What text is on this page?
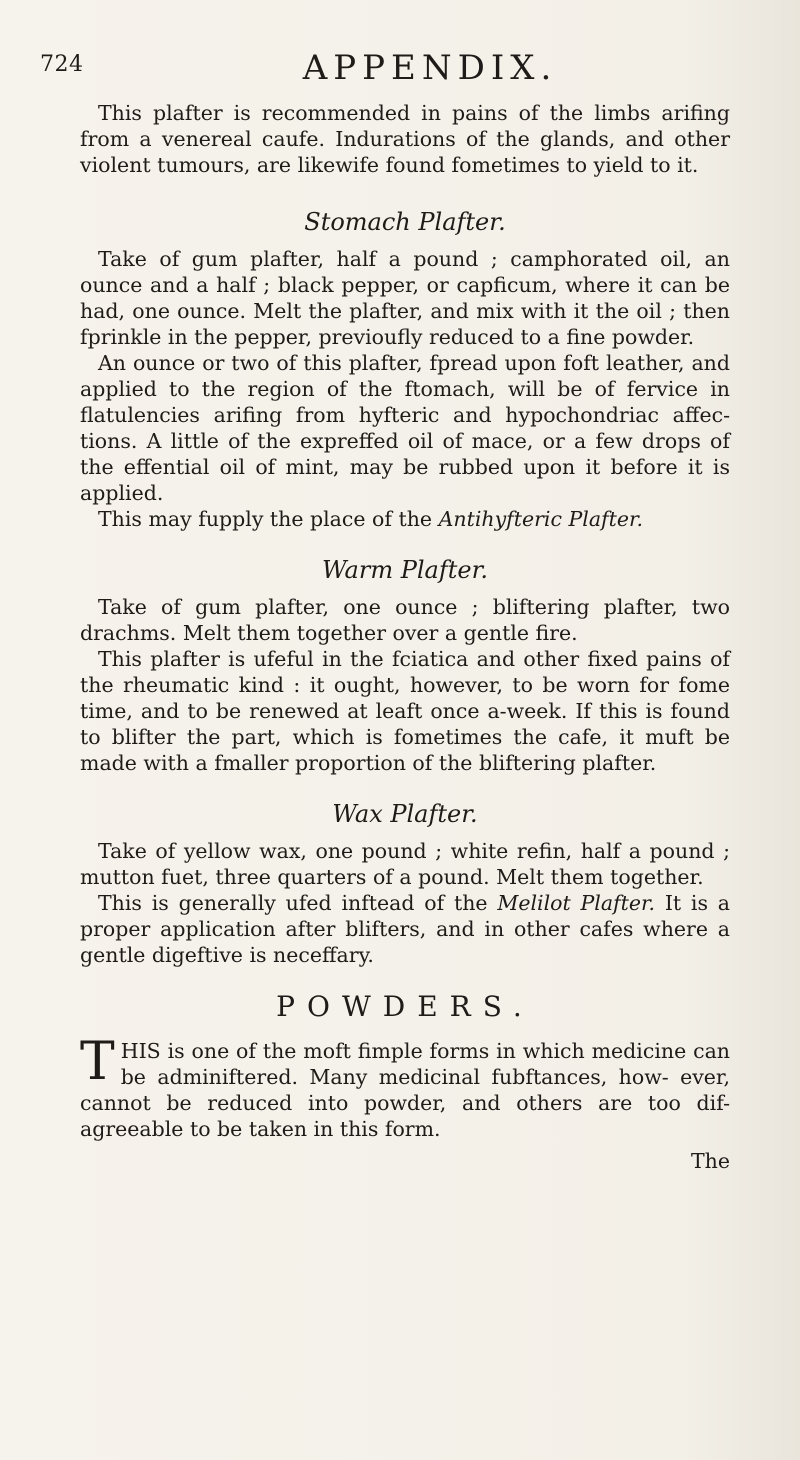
724	APPENDIX.

This plafter is recommended in pains of the limbs arifing from a venereal caufe. Indurations of the glands, and other violent tumours, are likewife found fometimes to yield to it.

Stomach Plafter.

Take of gum plafter, half a pound ; camphorated oil, an ounce and a half ; black pepper, or capficum, where it can be had, one ounce. Melt the plafter, and mix with it the oil ; then fprinkle in the pepper, previoufly reduced to a fine powder.

An ounce or two of this plafter, fpread upon foft leather, and applied to the region of the ftomach, will be of fervice in flatulencies arifing from hyfteric and hypochondriac affec- tions. A little of the expreffed oil of mace, or a few drops of the effential oil of mint, may be rubbed upon it before it is applied.

This may fupply the place of the Antihyfteric Plafter.

Warm Plafter.

Take of gum plafter, one ounce ; bliftering plafter, two drachms. Melt them together over a gentle fire.

This plafter is ufeful in the fciatica and other fixed pains of the rheumatic kind : it ought, however, to be worn for fome time, and to be renewed at leaft once a-week. If this is found to blifter the part, which is fometimes the cafe, it muft be made with a fmaller proportion of the bliftering plafter.

Wax Plafter.

Take of yellow wax, one pound ; white refin, half a pound ; mutton fuet, three quarters of a pound. Melt them together.

This is generally ufed inftead of the Melilot Plafter. It is a proper application after blifters, and in other cafes where a gentle digeftive is neceffary.

POWDERS.
T HIS is one of the moft fimple forms in which medicine can be adminiftered. Many medicinal fubftances, how- ever, cannot be reduced into powder, and others are too dif- agreeable to be taken in this form.

The
